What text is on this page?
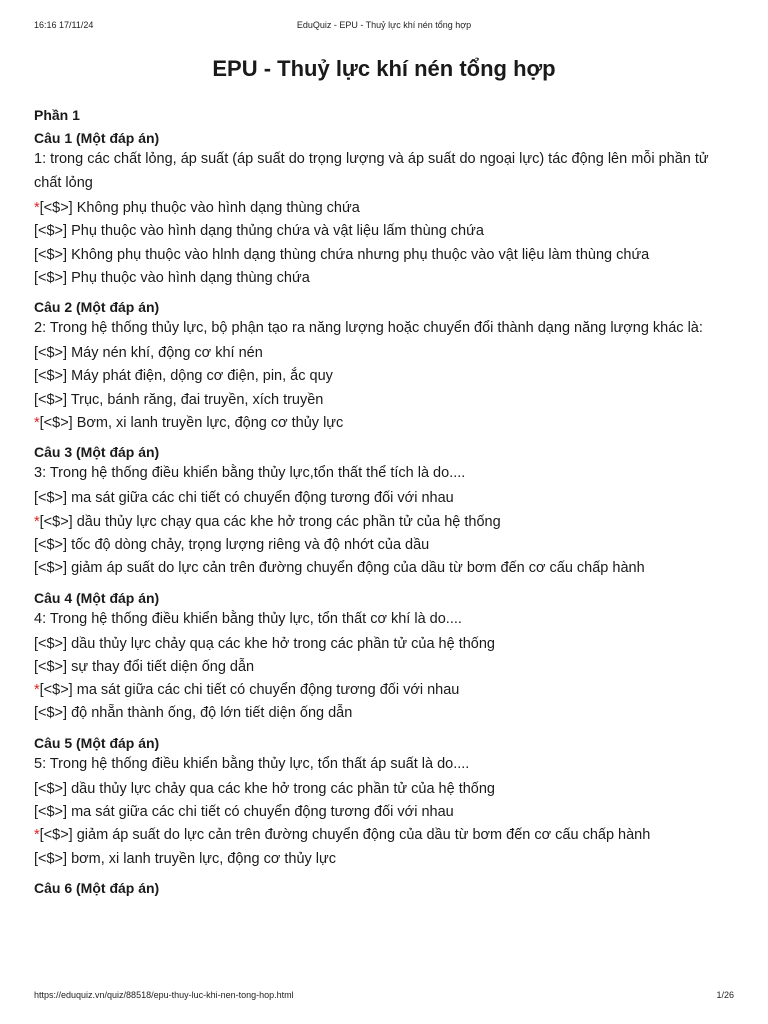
16:16 17/11/24	EduQuiz - EPU - Thuỷ lực khí nén tổng hợp
EPU - Thuỷ lực khí nén tổng hợp
Phần 1
Câu 1 (Một đáp án)
1: trong các chất lỏng, áp suất (áp suất do trọng lượng và áp suất do ngoại lực) tác động lên mỗi phần tử chất lỏng
*[<$>] Không phụ thuộc vào hình dạng thùng chứa
[<$>] Phụ thuộc vào hình dạng thủng chứa và vật liệu lấm thùng chứa
[<$>] Không phụ thuộc vào hlnh dạng thùng chứa nhưng phụ thuộc vào vật liệu làm thùng chứa
[<$>] Phụ thuộc vào hình dạng thùng chứa
Câu 2 (Một đáp án)
2: Trong hệ thống thủy lực, bộ phận tạo ra năng lượng hoặc chuyển đổi thành dạng năng lượng khác là:
[<$>] Máy nén khí, động cơ khí nén
[<$>] Máy phát điện, dộng cơ điện, pin, ắc quy
[<$>] Trục, bánh răng, đai truyền, xích truyền
*[<$>] Bơm, xi lanh truyền lực, động cơ thủy lực
Câu 3 (Một đáp án)
3: Trong hệ thống điều khiển bằng thủy lực,tổn thất thể tích là do....
[<$>] ma sát giữa các chi tiết có chuyển động tương đối với nhau
*[<$>] dầu thủy lực chạy qua các khe hở trong các phần tử của hệ thống
[<$>] tốc độ dòng chảy, trọng lượng riêng và độ nhớt của dầu
[<$>] giảm áp suất do lực cản trên đường chuyển động của dầu từ bơm đến cơ cấu chấp hành
Câu 4 (Một đáp án)
4: Trong hệ thống điều khiển bằng thủy lực, tổn thất cơ khí là do....
[<$>] dầu thủy lực chảy quạ các khe hở trong các phần tử của hệ thống
[<$>] sự thay đổi tiết diện ống dẫn
*[<$>] ma sát giữa các chi tiết có chuyển động tương đối với nhau
[<$>] độ nhẵn thành ống, độ lớn tiết diện ống dẫn
Câu 5 (Một đáp án)
5: Trong hệ thống điều khiển bằng thủy lực, tổn thất áp suất là do....
[<$>] dầu thủy lực chảy qua các khe hở trong các phần tử của hệ thống
[<$>] ma sát giữa các chi tiết có chuyển động tương đối với nhau
*[<$>] giảm áp suất do lực cản trên đường chuyển động của dầu từ bơm đến cơ cấu chấp hành
[<$>] bơm, xi lanh truyền lực, động cơ thủy lực
Câu 6 (Một đáp án)
https://eduquiz.vn/quiz/88518/epu-thuy-luc-khi-nen-tong-hop.html	1/26
